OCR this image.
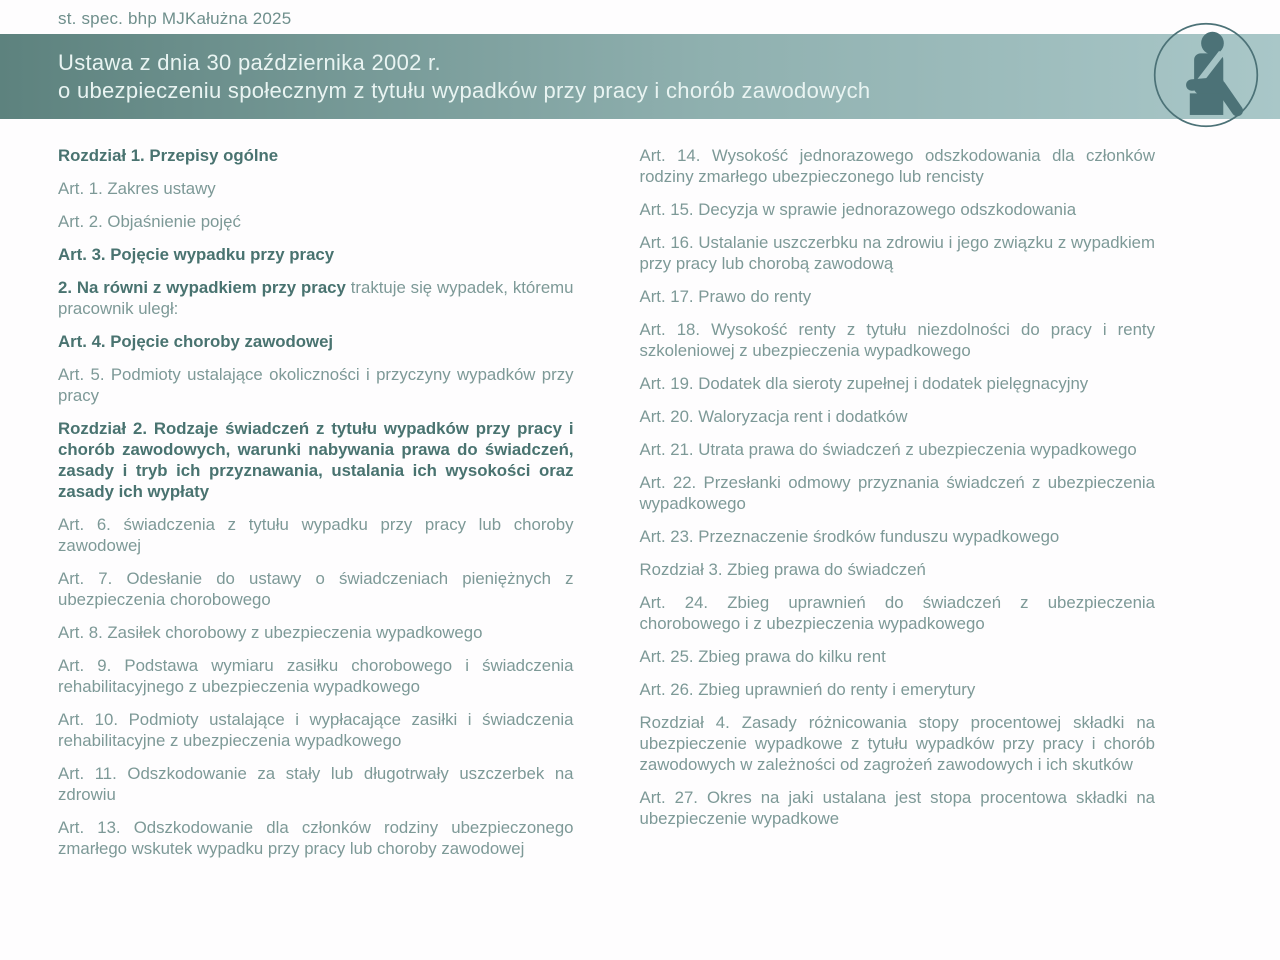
st. spec. bhp MJKałużna 2025
Ustawa z dnia 30 października 2002 r.
o ubezpieczeniu społecznym z tytułu wypadków przy pracy i chorób zawodowych

Rozdział 1. Przepisy ogólne

Art. 1. Zakres ustawy

Art. 2. Objaśnienie pojęć

Art. 3. Pojęcie wypadku przy pracy

2. Na równi z wypadkiem przy pracy traktuje się wypadek, któremu pracownik uległ:

Art. 4. Pojęcie choroby zawodowej

Art. 5. Podmioty ustalające okoliczności i przyczyny wypadków przy pracy

Rozdział 2. Rodzaje świadczeń z tytułu wypadków przy pracy i chorób zawodowych, warunki nabywania prawa do świadczeń, zasady i tryb ich przyznawania, ustalania ich wysokości oraz zasady ich wypłaty

Art. 6. świadczenia z tytułu wypadku przy pracy lub choroby zawodowej

Art. 7. Odesłanie do ustawy o świadczeniach pieniężnych z ubezpieczenia chorobowego

Art. 8. Zasiłek chorobowy z ubezpieczenia wypadkowego

Art. 9. Podstawa wymiaru zasiłku chorobowego i świadczenia rehabilitacyjnego z ubezpieczenia wypadkowego

Art. 10. Podmioty ustalające i wypłacające zasiłki i świadczenia rehabilitacyjne z ubezpieczenia wypadkowego

Art. 11. Odszkodowanie za stały lub długotrwały uszczerbek na zdrowiu

Art. 13. Odszkodowanie dla członków rodziny ubezpieczonego zmarłego wskutek wypadku przy pracy lub choroby zawodowej

Art. 14. Wysokość jednorazowego odszkodowania dla członków rodziny zmarłego ubezpieczonego lub rencisty

Art. 15. Decyzja w sprawie jednorazowego odszkodowania

Art. 16. Ustalanie uszczerbku na zdrowiu i jego związku z wypadkiem przy pracy lub chorobą zawodową

Art. 17. Prawo do renty

Art. 18. Wysokość renty z tytułu niezdolności do pracy i renty szkoleniowej z ubezpieczenia wypadkowego

Art. 19. Dodatek dla sieroty zupełnej i dodatek pielęgnacyjny

Art. 20. Waloryzacja rent i dodatków

Art. 21. Utrata prawa do świadczeń z ubezpieczenia wypadkowego

Art. 22. Przesłanki odmowy przyznania świadczeń z ubezpieczenia wypadkowego

Art. 23. Przeznaczenie środków funduszu wypadkowego

Rozdział 3. Zbieg prawa do świadczeń

Art. 24. Zbieg uprawnień do świadczeń z ubezpieczenia chorobowego i z ubezpieczenia wypadkowego

Art. 25. Zbieg prawa do kilku rent

Art. 26. Zbieg uprawnień do renty i emerytury

Rozdział 4. Zasady różnicowania stopy procentowej składki na ubezpieczenie wypadkowe z tytułu wypadków przy pracy i chorób zawodowych w zależności od zagrożeń zawodowych i ich skutków

Art. 27. Okres na jaki ustalana jest stopa procentowa składki na ubezpieczenie wypadkowe
